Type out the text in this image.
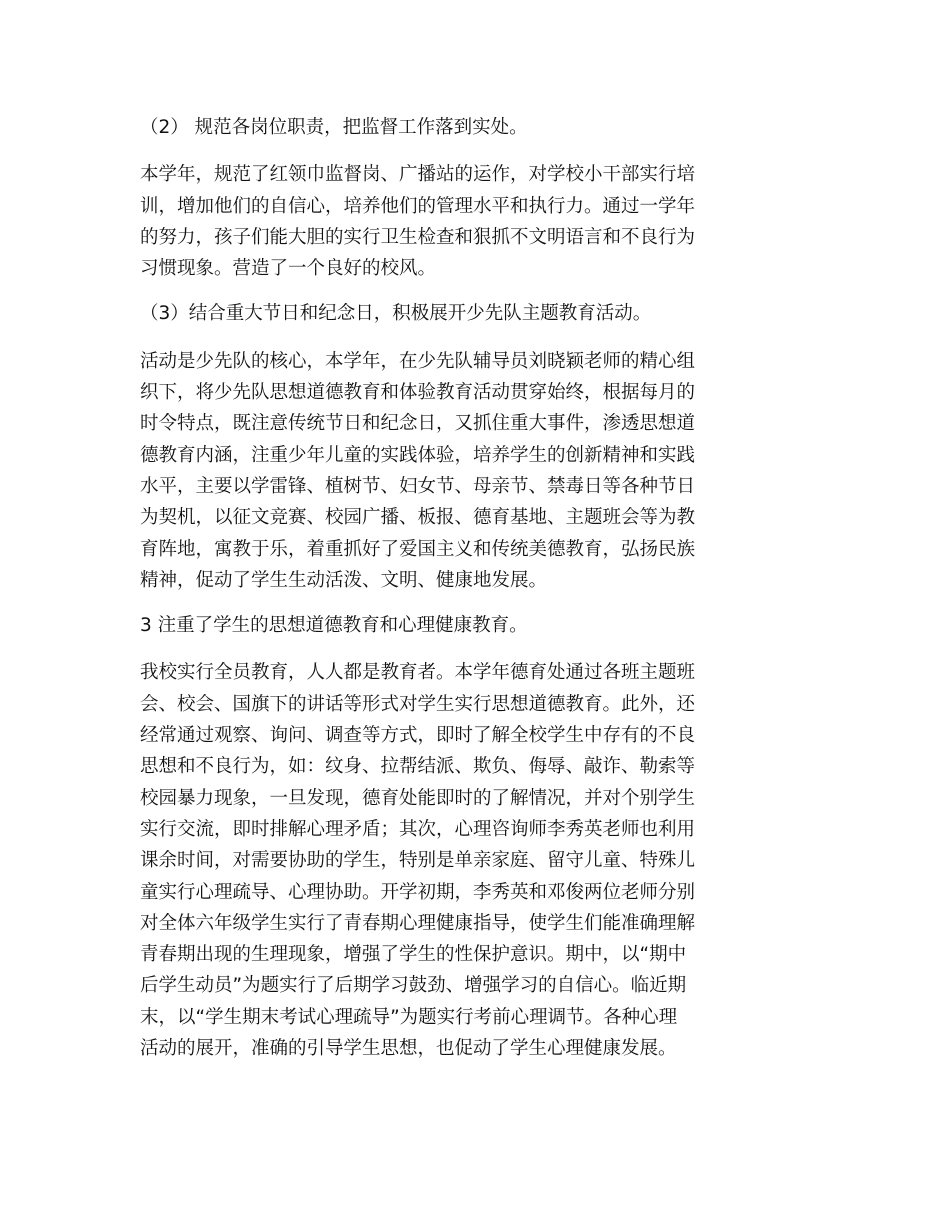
（2） 规范各岗位职责，把监督工作落到实处。

本学年，规范了红领巾监督岗、广播站的运作，对学校小干部实行培
训，增加他们的自信心，培养他们的管理水平和执行力。通过一学年
的努力，孩子们能大胆的实行卫生检查和狠抓不文明语言和不良行为
习惯现象。营造了一个良好的校风。

（3）结合重大节日和纪念日，积极展开少先队主题教育活动。

活动是少先队的核心，本学年，在少先队辅导员刘晓颖老师的精心组
织下，将少先队思想道德教育和体验教育活动贯穿始终，根据每月的
时令特点，既注意传统节日和纪念日，又抓住重大事件，渗透思想道
德教育内涵，注重少年儿童的实践体验，培养学生的创新精神和实践
水平，主要以学雷锋、植树节、妇女节、母亲节、禁毒日等各种节日
为契机，以征文竞赛、校园广播、板报、德育基地、主题班会等为教
育阵地，寓教于乐，着重抓好了爱国主义和传统美德教育，弘扬民族
精神，促动了学生生动活泼、文明、健康地发展。

3 注重了学生的思想道德教育和心理健康教育。

我校实行全员教育，人人都是教育者。本学年德育处通过各班主题班
会、校会、国旗下的讲话等形式对学生实行思想道德教育。此外，还
经常通过观察、询问、调查等方式，即时了解全校学生中存有的不良
思想和不良行为，如：纹身、拉帮结派、欺负、侮辱、敲诈、勒索等
校园暴力现象，一旦发现，德育处能即时的了解情况，并对个别学生
实行交流，即时排解心理矛盾；其次，心理咨询师李秀英老师也利用
课余时间，对需要协助的学生，特别是单亲家庭、留守儿童、特殊儿
童实行心理疏导、心理协助。开学初期，李秀英和邓俊两位老师分别
对全体六年级学生实行了青春期心理健康指导，使学生们能准确理解
青春期出现的生理现象，增强了学生的性保护意识。期中，以“期中
后学生动员”为题实行了后期学习鼓劲、增强学习的自信心。临近期
末，以“学生期末考试心理疏导”为题实行考前心理调节。各种心理
活动的展开，准确的引导学生思想，也促动了学生心理健康发展。
